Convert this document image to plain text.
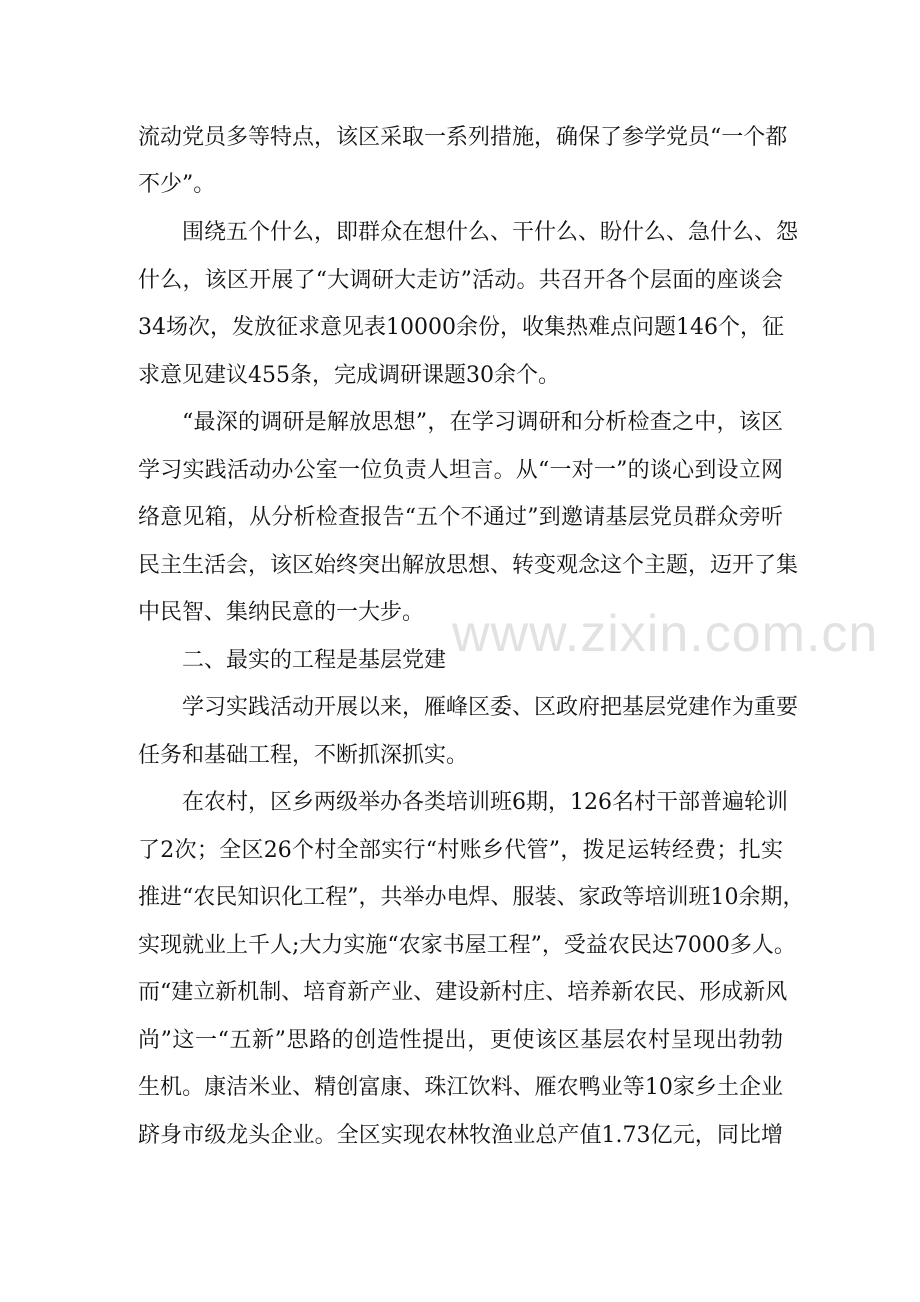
流动党员多等特点，该区采取一系列措施，确保了参学党员“一个都
不少”。
围绕五个什么，即群众在想什么、干什么、盼什么、急什么、怨
什么，该区开展了“大调研大走访”活动。共召开各个层面的座谈会
34场次，发放征求意见表10000余份，收集热难点问题146个，征
求意见建议455条，完成调研课题30余个。
“最深的调研是解放思想”，在学习调研和分析检查之中，该区
学习实践活动办公室一位负责人坦言。从“一对一”的谈心到设立网
络意见箱，从分析检查报告“五个不通过”到邀请基层党员群众旁听
民主生活会，该区始终突出解放思想、转变观念这个主题，迈开了集
中民智、集纳民意的一大步。
二、最实的工程是基层党建
学习实践活动开展以来，雁峰区委、区政府把基层党建作为重要
任务和基础工程，不断抓深抓实。
在农村，区乡两级举办各类培训班6期，126名村干部普遍轮训
了2次；全区26个村全部实行“村账乡代管”，拨足运转经费；扎实
推进“农民知识化工程”，共举办电焊、服装、家政等培训班10余期，
实现就业上千人;大力实施“农家书屋工程”，受益农民达7000多人。
而“建立新机制、培育新产业、建设新村庄、培养新农民、形成新风
尚”这一“五新”思路的创造性提出，更使该区基层农村呈现出勃勃
生机。康洁米业、精创富康、珠江饮料、雁农鸭业等10家乡土企业
跻身市级龙头企业。全区实现农林牧渔业总产值1.73亿元，同比增
www.zixin.com.cn
